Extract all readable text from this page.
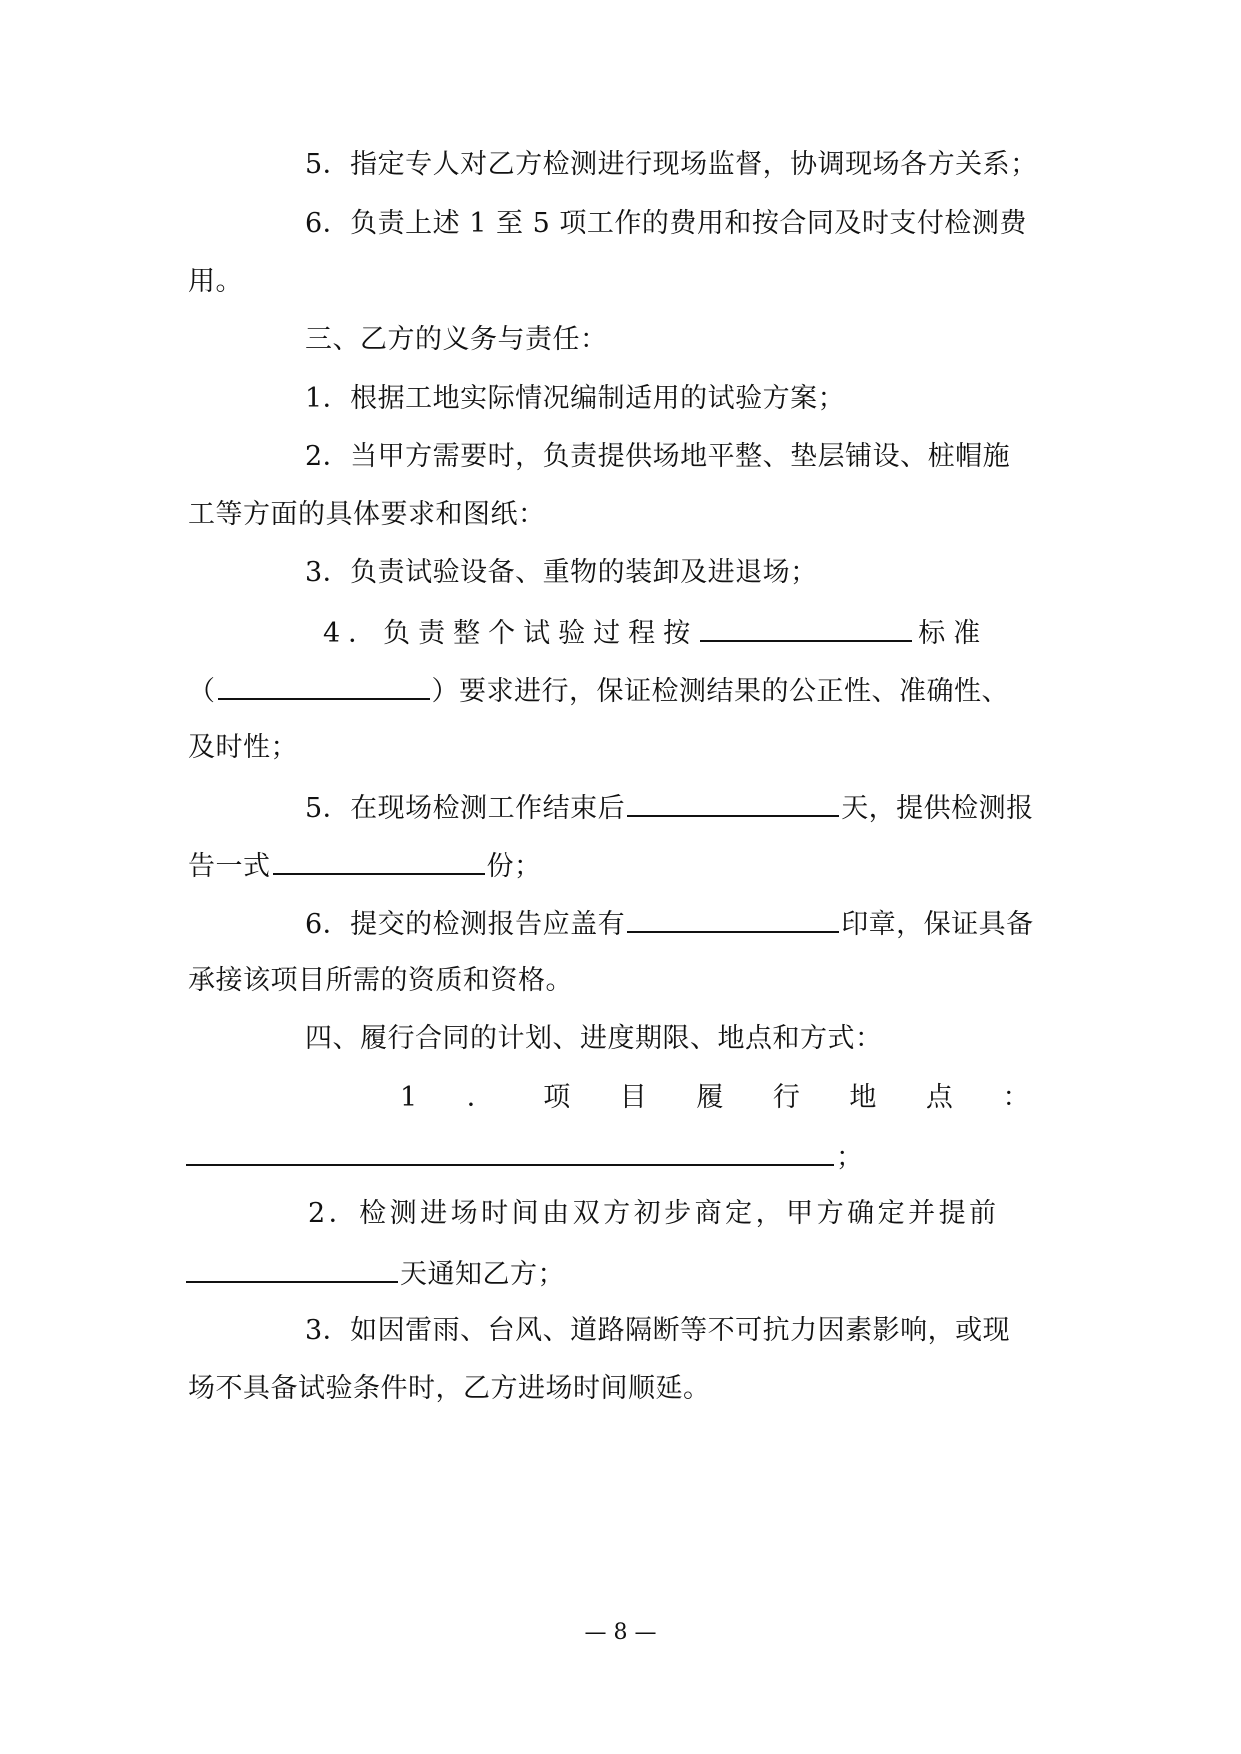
5．指定专人对乙方检测进行现场监督，协调现场各方关系；
6．负责上述 1 至 5 项工作的费用和按合同及时支付检测费
用。
三、乙方的义务与责任：
1．根据工地实际情况编制适用的试验方案；
2．当甲方需要时，负责提供场地平整、垫层铺设、桩帽施
工等方面的具体要求和图纸：
3．负责试验设备、重物的装卸及进退场；
4．负责整个试验过程按	标准
（	）要求进行，保证检测结果的公正性、准确性、
及时性；
5．在现场检测工作结束后	天，提供检测报
告一式	份；
6．提交的检测报告应盖有	印章，保证具备
承接该项目所需的资质和资格。
四、履行合同的计划、进度期限、地点和方式：
1 ． 项 目 履 行 地 点 ：
；
2．检测进场时间由双方初步商定，甲方确定并提前
天通知乙方；
3．如因雷雨、台风、道路隔断等不可抗力因素影响，或现
场不具备试验条件时，乙方进场时间顺延。
— 8 —
